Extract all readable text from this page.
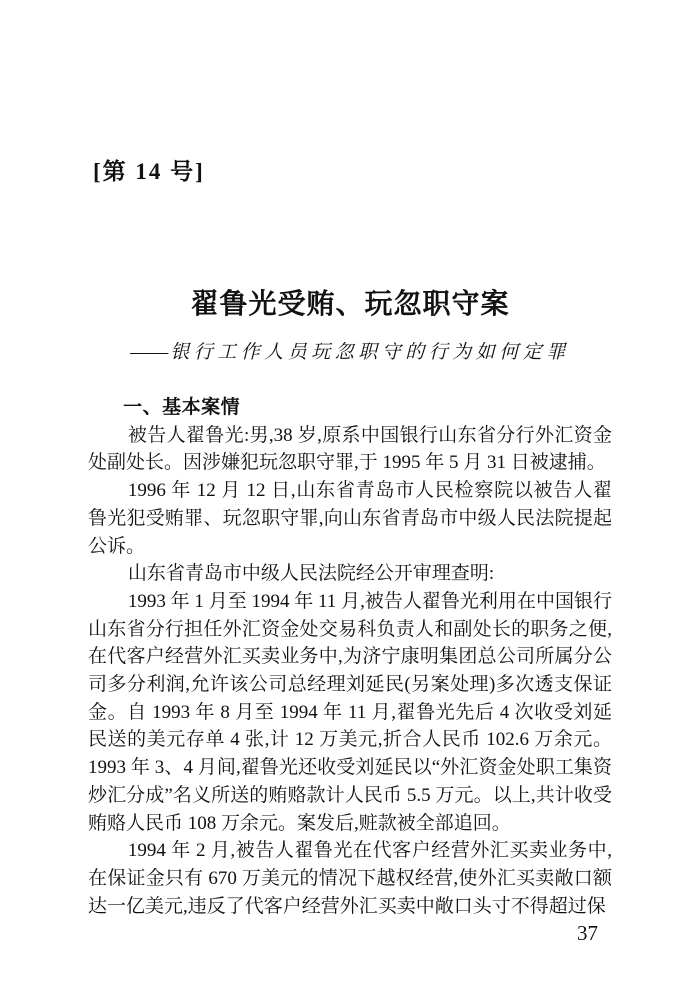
[第 14 号]
翟鲁光受贿、玩忽职守案
—— 银行工作人员玩忽职守的行为如何定罪
一、基本案情

被告人翟鲁光:男,38 岁,原系中国银行山东省分行外汇资金处副处长。因涉嫌犯玩忽职守罪,于 1995 年 5 月 31 日被逮捕。

1996 年 12 月 12 日,山东省青岛市人民检察院以被告人翟鲁光犯受贿罪、玩忽职守罪,向山东省青岛市中级人民法院提起公诉。

山东省青岛市中级人民法院经公开审理查明:

1993 年 1 月至 1994 年 11 月,被告人翟鲁光利用在中国银行山东省分行担任外汇资金处交易科负责人和副处长的职务之便,在代客户经营外汇买卖业务中,为济宁康明集团总公司所属分公司多分利润,允许该公司总经理刘延民(另案处理)多次透支保证金。自 1993 年 8 月至 1994 年 11 月,翟鲁光先后 4 次收受刘延民送的美元存单 4 张,计 12 万美元,折合人民币 102.6 万余元。1993 年 3、4 月间,翟鲁光还收受刘延民以“外汇资金处职工集资炒汇分成”名义所送的贿赂款计人民币 5.5 万元。以上,共计收受贿赂人民币 108 万余元。案发后,赃款被全部追回。

1994 年 2 月,被告人翟鲁光在代客户经营外汇买卖业务中,在保证金只有 670 万美元的情况下越权经营,使外汇买卖敞口额达一亿美元,违反了代客户经营外汇买卖中敞口头寸不得超过保

37
